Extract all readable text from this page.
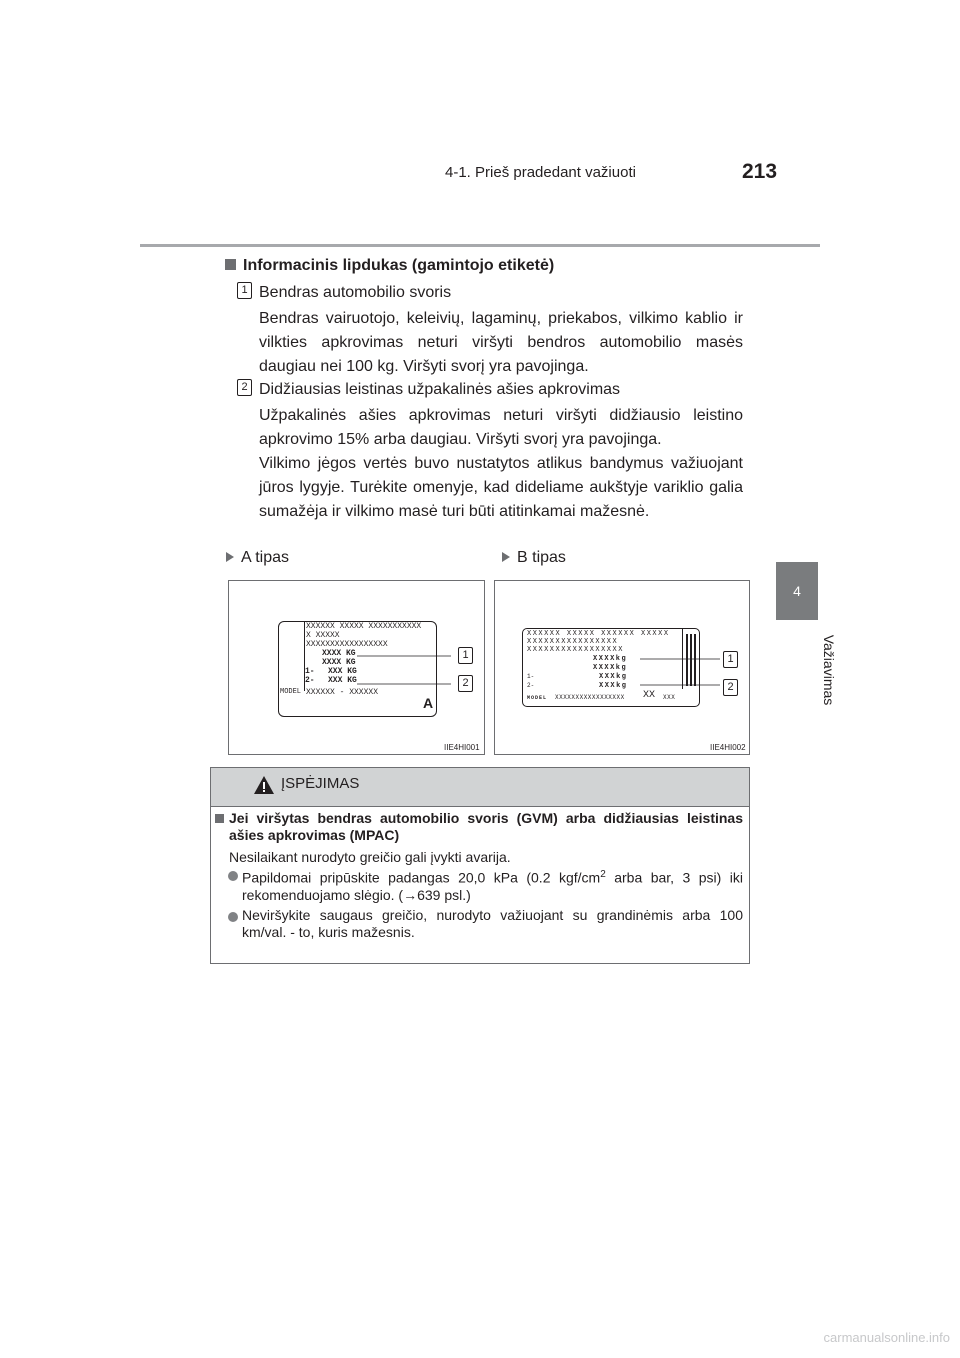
4-1. Prieš pradedant važiuoti	213
4
Važiavimas
Informacinis lipdukas (gamintojo etiketė)
1 Bendras automobilio svoris
Bendras vairuotojo, keleivių, lagaminų, priekabos, vilkimo kablio ir vilkties apkrovimas neturi viršyti bendros automobilio masės daugiau nei 100 kg. Viršyti svorį yra pavojinga.
2 Didžiausias leistinas užpakalinės ašies apkrovimas
Užpakalinės ašies apkrovimas neturi viršyti didžiausio leistino apkrovimo 15% arba daugiau. Viršyti svorį yra pavojinga.
Vilkimo jėgos vertės buvo nustatytos atlikus bandymus važiuojant jūros lygyje. Turėkite omenyje, kad dideliame aukštyje variklio galia sumažėja ir vilkimo masė turi būti atitinkamai mažesnė.
A tipas	B tipas
XXXXXX XXXXX XXXXXXXXXXX
X XXXXX
XXXXXXXXXXXXXXXXX
XXXX KG
XXXX KG
1- XXX KG
2- XXX KG
MODEL XXXXXX - XXXXXX
A
1
2
IIE4HI001
XXXXXX XXXXX XXXXXX XXXXX
XXXXXXXXXXXXXXXX
XXXXXXXXXXXXXXXXX
XXXXkg
XXXXkg
1-	XXXkg
2-	XXXkg
MODEL XXXXXXXXXXXXXXXXX XX XXX
1
2
IIE4HI002
ĮSPĖJIMAS
Jei viršytas bendras automobilio svoris (GVM) arba didžiausias leistinas ašies apkrovimas (MPAC)
Nesilaikant nurodyto greičio gali įvykti avarija.
Papildomai pripūskite padangas 20,0 kPa (0.2 kgf/$cm^2$ arba bar, 3 psi) iki rekomenduojamo slėgio. (→639 psl.)
Neviršykite saugaus greičio, nurodyto važiuojant su grandinėmis arba 100 km/val. - to, kuris mažesnis.
carmanualsonline.info
